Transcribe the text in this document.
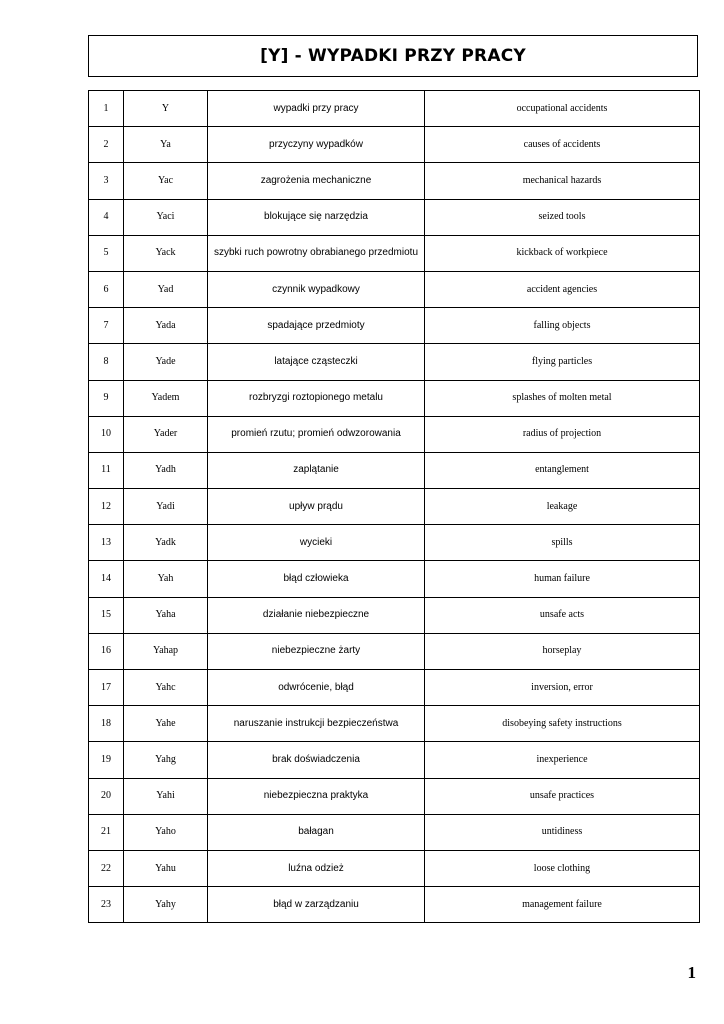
[Y] - WYPADKI PRZY PRACY
1	Y	wypadki przy pracy	occupational accidents
2	Ya	przyczyny wypadków	causes of accidents
3	Yac	zagrożenia mechaniczne	mechanical hazards
4	Yaci	blokujące się narzędzia	seized tools
5	Yack	szybki ruch powrotny obrabianego przedmiotu	kickback of workpiece
6	Yad	czynnik wypadkowy	accident agencies
7	Yada	spadające przedmioty	falling objects
8	Yade	latające cząsteczki	flying particles
9	Yadem	rozbryzgi roztopionego metalu	splashes of molten metal
10	Yader	promień rzutu; promień odwzorowania	radius of projection
11	Yadh	zaplątanie	entanglement
12	Yadi	upływ prądu	leakage
13	Yadk	wycieki	spills
14	Yah	błąd człowieka	human failure
15	Yaha	działanie niebezpieczne	unsafe acts
16	Yahap	niebezpieczne żarty	horseplay
17	Yahc	odwrócenie, błąd	inversion, error
18	Yahe	naruszanie instrukcji bezpieczeństwa	disobeying safety instructions
19	Yahg	brak doświadczenia	inexperience
20	Yahi	niebezpieczna praktyka	unsafe practices
21	Yaho	bałagan	untidiness
22	Yahu	luźna odzież	loose clothing
23	Yahy	błąd w zarządzaniu	management failure
1
